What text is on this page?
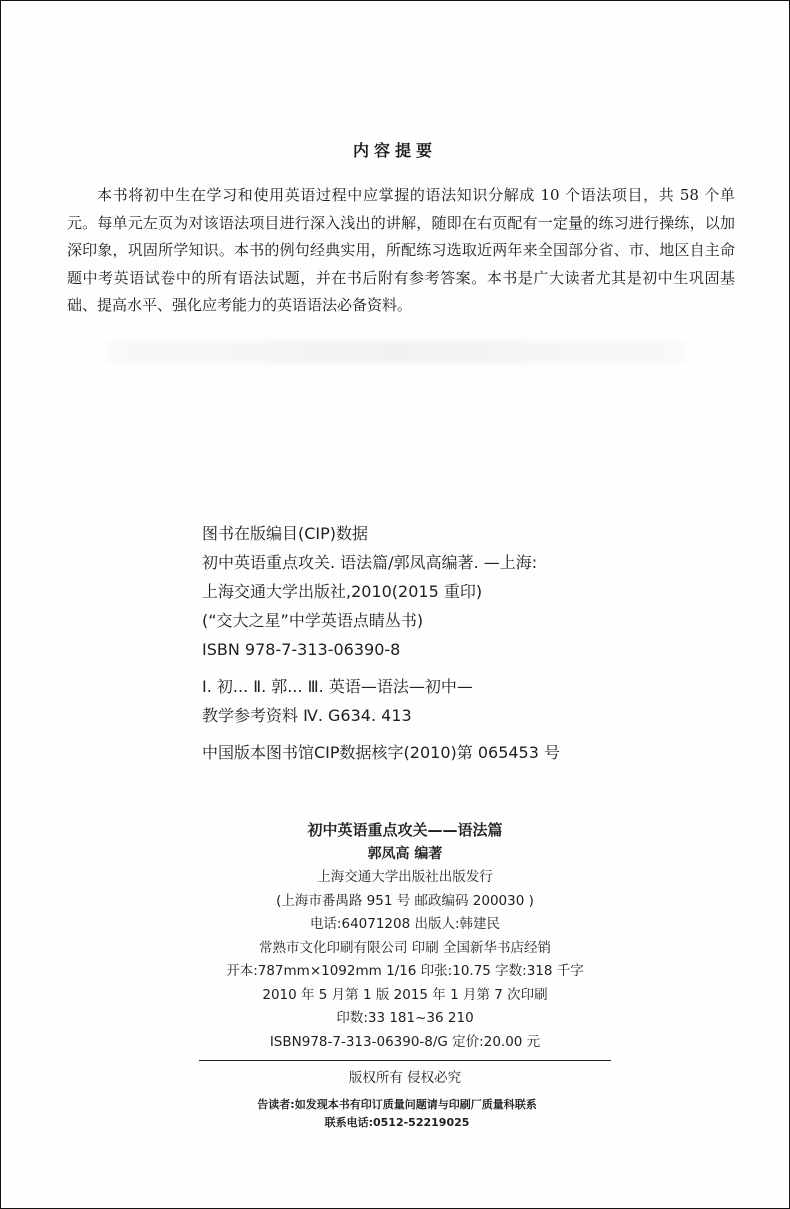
内容提要

本书将初中生在学习和使用英语过程中应掌握的语法知识分解成 10 个语法项目，共 58 个单元。每单元左页为对该语法项目进行深入浅出的讲解，随即在右页配有一定量的练习进行操练，以加深印象，巩固所学知识。本书的例句经典实用，所配练习选取近两年来全国部分省、市、地区自主命题中考英语试卷中的所有语法试题，并在书后附有参考答案。本书是广大读者尤其是初中生巩固基础、提高水平、强化应考能力的英语语法必备资料。

图书在版编目(CIP)数据
初中英语重点攻关. 语法篇/郭凤高编著. —上海:
上海交通大学出版社,2010(2015 重印)
(“交大之星”中学英语点睛丛书)
ISBN 978-7-313-06390-8
Ⅰ. 初... Ⅱ. 郭... Ⅲ. 英语—语法—初中—
教学参考资料 Ⅳ. G634. 413
中国版本图书馆CIP数据核字(2010)第 065453 号
初中英语重点攻关——语法篇
郭凤高 编著
上海交通大学出版社出版发行
(上海市番禺路 951 号 邮政编码 200030 )
电话:64071208 出版人:韩建民
常熟市文化印刷有限公司 印刷 全国新华书店经销
开本:787mm×1092mm 1/16 印张:10.75 字数:318 千字
2010 年 5 月第 1 版 2015 年 1 月第 7 次印刷
印数:33 181~36 210
ISBN978-7-313-06390-8/G 定价:20.00 元
版权所有 侵权必究
告读者:如发现本书有印订质量问题请与印刷厂质量科联系
联系电话:0512-52219025
